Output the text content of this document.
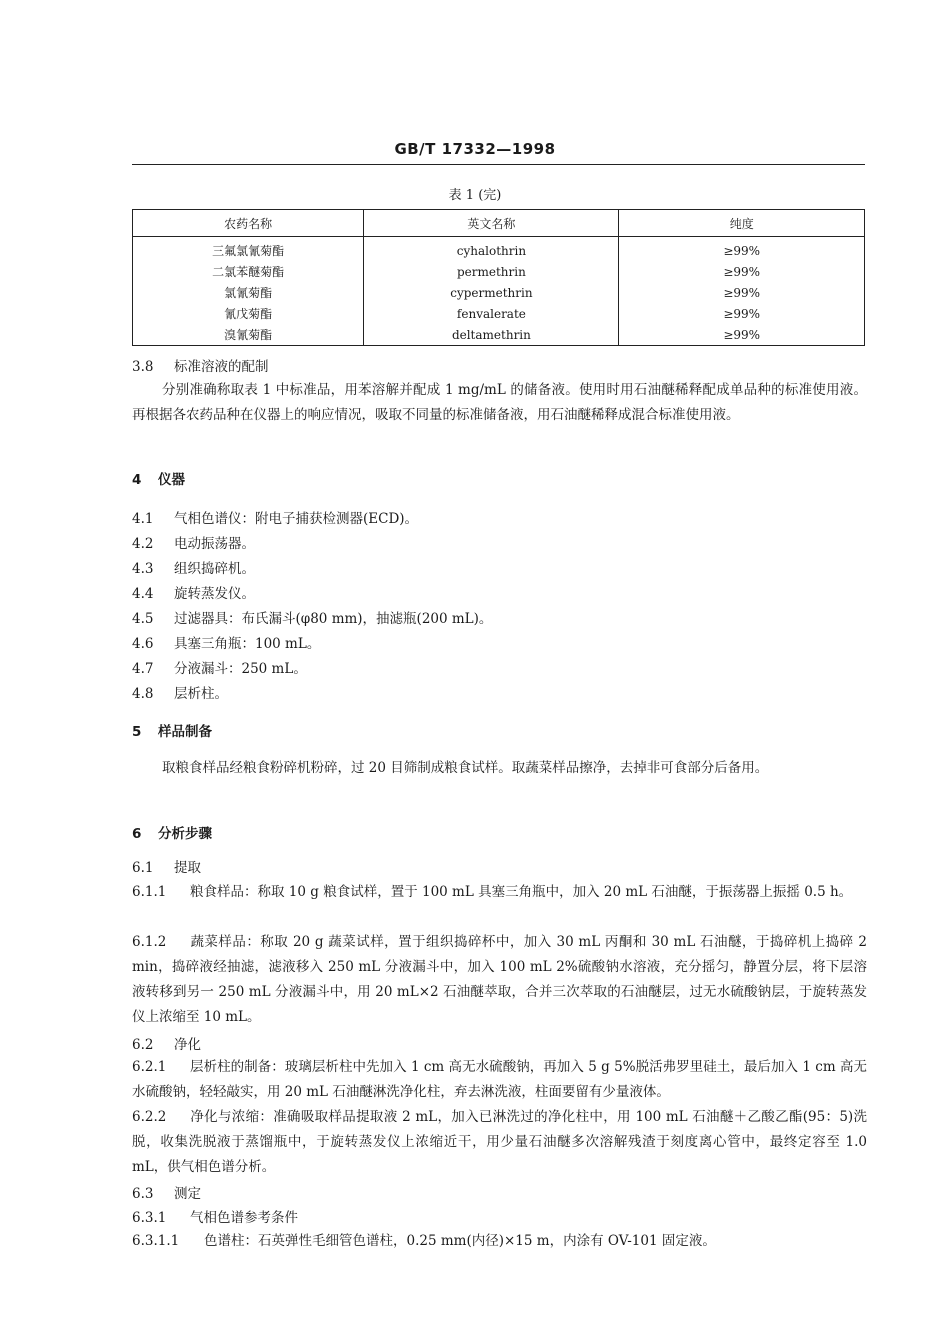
GB/T 17332—1998
表 1 (完)
农药名称	英文名称	纯度
三氟氯氰菊酯	cyhalothrin	≥99%
二氯苯醚菊酯	permethrin	≥99%
氯氰菊酯	cypermethrin	≥99%
氰戊菊酯	fenvalerate	≥99%
溴氰菊酯	deltamethrin	≥99%
3.8 标准溶液的配制
分别准确称取表 1 中标准品，用苯溶解并配成 1 mg/mL 的储备液。使用时用石油醚稀释配成单品种的标准使用液。再根据各农药品种在仪器上的响应情况，吸取不同量的标准储备液，用石油醚稀释成混合标准使用液。
4 仪器
4.1 气相色谱仪：附电子捕获检测器(ECD)。
4.2 电动振荡器。
4.3 组织捣碎机。
4.4 旋转蒸发仪。
4.5 过滤器具：布氏漏斗(φ80 mm)，抽滤瓶(200 mL)。
4.6 具塞三角瓶：100 mL。
4.7 分液漏斗：250 mL。
4.8 层析柱。
5 样品制备
取粮食样品经粮食粉碎机粉碎，过 20 目筛制成粮食试样。取蔬菜样品擦净，去掉非可食部分后备用。
6 分析步骤
6.1 提取
6.1.1 粮食样品：称取 10 g 粮食试样，置于 100 mL 具塞三角瓶中，加入 20 mL 石油醚，于振荡器上振摇 0.5 h。
6.1.2 蔬菜样品：称取 20 g 蔬菜试样，置于组织捣碎杯中，加入 30 mL 丙酮和 30 mL 石油醚，于捣碎机上捣碎 2 min，捣碎液经抽滤，滤液移入 250 mL 分液漏斗中，加入 100 mL 2%硫酸钠水溶液，充分摇匀，静置分层，将下层溶液转移到另一 250 mL 分液漏斗中，用 20 mL×2 石油醚萃取，合并三次萃取的石油醚层，过无水硫酸钠层，于旋转蒸发仪上浓缩至 10 mL。
6.2 净化
6.2.1 层析柱的制备：玻璃层析柱中先加入 1 cm 高无水硫酸钠，再加入 5 g 5%脱活弗罗里硅土，最后加入 1 cm 高无水硫酸钠，轻轻敲实，用 20 mL 石油醚淋洗净化柱，弃去淋洗液，柱面要留有少量液体。
6.2.2 净化与浓缩：准确吸取样品提取液 2 mL，加入已淋洗过的净化柱中，用 100 mL 石油醚＋乙酸乙酯(95：5)洗脱，收集洗脱液于蒸馏瓶中，于旋转蒸发仪上浓缩近干，用少量石油醚多次溶解残渣于刻度离心管中，最终定容至 1.0 mL，供气相色谱分析。
6.3 测定
6.3.1 气相色谱参考条件
6.3.1.1 色谱柱：石英弹性毛细管色谱柱，0.25 mm(内径)×15 m，内涂有 OV-101 固定液。
